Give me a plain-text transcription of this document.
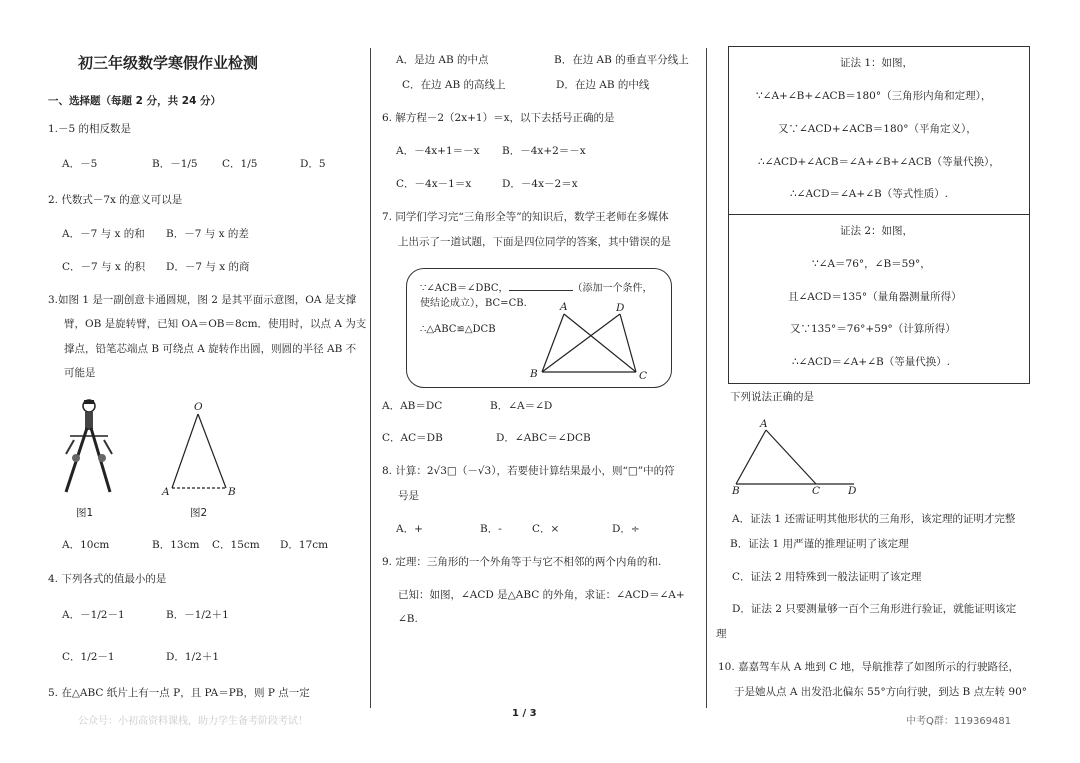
初三年级数学寒假作业检测
一、选择题（每题 2 分，共 24 分）
1.－5 的相反数是
A．－5	B．－1/5 C．1/5	D．5
2. 代数式－7x 的意义可以是
A．－7 与 x 的和 B．－7 与 x 的差
C．－7 与 x 的积 D．－7 与 x 的商
3.如图 1 是一副创意卡通圆规，图 2 是其平面示意图，OA 是支撑
臂，OB 是旋转臂，已知 OA＝OB＝8cm．使用时，以点 A 为支
撑点，铅笔芯端点 B 可绕点 A 旋转作出圆，则圆的半径 AB 不
可能是
图1
O
A	B
图2
A．10cm	B．13cm C．15cm D．17cm
4. 下列各式的值最小的是
A．－1/2－1	B．－1/2＋1
C．1/2－1	D．1/2＋1
5. 在△ABC 纸片上有一点 P，且 PA＝PB，则 P 点一定
A．是边 AB 的中点	B．在边 AB 的垂直平分线上
C．在边 AB 的高线上	D．在边 AB 的中线
6. 解方程－2（2x+1）＝x，以下去括号正确的是
A．－4x+1＝－x B．－4x+2＝－x
C．－4x－1＝x	D．－4x－2＝x
7. 同学们学习完“三角形全等”的知识后，数学王老师在多媒体
上出示了一道试题，下面是四位同学的答案，其中错误的是
∵∠ACB＝∠DBC，	（添加一个条件，
使结论成立），BC=CB.
∴△ABC≌△DCB
A	D
B	C
A．AB＝DC	B．∠A＝∠D
C．AC＝DB	D．∠ABC＝∠DCB
8. 计算：2√3□（－√3），若要使计算结果最小，则“□”中的符
号是
A．+	B．-	C．×	D．÷
9. 定理：三角形的一个外角等于与它不相邻的两个内角的和.
已知：如图，∠ACD 是△ABC 的外角，求证：∠ACD＝∠A+
∠B.
证法 1：如图，
∵∠A+∠B+∠ACB＝180°（三角形内角和定理），
又∵∠ACD+∠ACB＝180°（平角定义），
∴∠ACD+∠ACB＝∠A+∠B+∠ACB（等量代换），
∴∠ACD＝∠A+∠B（等式性质）.
证法 2：如图，
∵∠A＝76°，∠B＝59°，
且∠ACD＝135°（量角器测量所得）
又∵135°＝76°+59°（计算所得）
∴∠ACD＝∠A+∠B（等量代换）.
下列说法正确的是
A
B	C	D
A．证法 1 还需证明其他形状的三角形，该定理的证明才完整
B．证法 1 用严谨的推理证明了该定理
C．证法 2 用特殊到一般法证明了该定理
D．证法 2 只要测量够一百个三角形进行验证，就能证明该定
理
10. 嘉嘉驾车从 A 地到 C 地，导航推荐了如图所示的行驶路径，
于是她从点 A 出发沿北偏东 55°方向行驶，到达 B 点左转 90°
公众号：小初高资料课栈，助力学生备考阶段考试！
1 / 3
中考Q群：119369481
